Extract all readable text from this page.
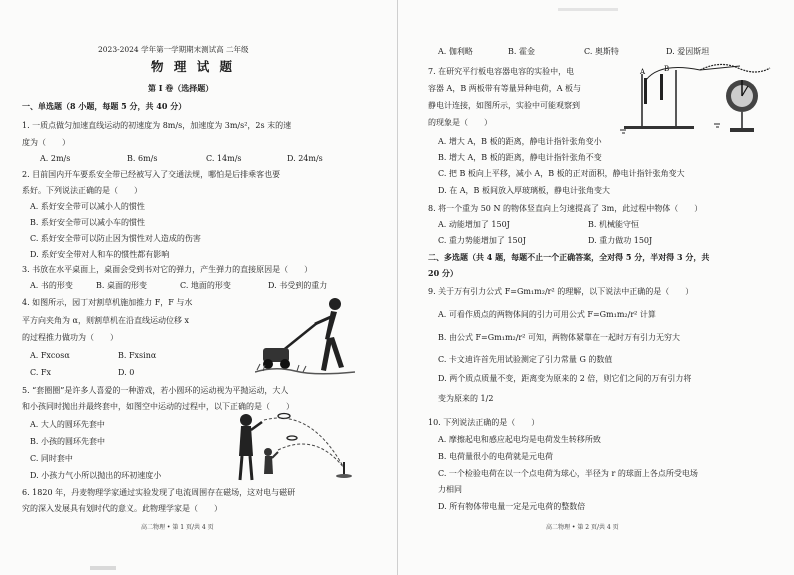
2023-2024 学年第一学期期末测试高 二年级
物 理 试 题
第 I 卷（选择题）
一、单选题（8 小题，每题 5 分，共 40 分）
1. 一质点做匀加速直线运动的初速度为 8m/s，加速度为 3m/s²，2s 末的速
度为（　　）
A. 2m/s	B. 6m/s	C. 14m/s	D. 24m/s
2. 目前国内开车要系安全带已经被写入了交通法规，哪怕是后排乘客也要
系好。下列说法正确的是（　　）
A. 系好安全带可以减小人的惯性
B. 系好安全带可以减小车的惯性
C. 系好安全带可以防止因为惯性对人造成的伤害
D. 系好安全带对人和车的惯性都有影响
3. 书放在水平桌面上，桌面会受到书对它的弹力，产生弹力的直接原因是（　　）
A. 书的形变	B. 桌面的形变	C. 地面的形变	D. 书受到的重力
4. 如图所示，园丁对割草机施加推力 F，F 与水
平方向夹角为 α，则割草机在沿直线运动位移 x
的过程推力做功为（　　）
A. Fxcosα	B. Fxsinα
C. Fx	D. 0
5. “套圈圈”是许多人喜爱的一种游戏，若小圆环的运动视为平抛运动，大人
和小孩同时抛出并最终套中，如图空中运动的过程中，以下正确的是（　　）
A. 大人的圆环先套中
B. 小孩的圆环先套中
C. 同时套中
D. 小孩力气小所以抛出的环初速度小
6. 1820 年，丹麦物理学家通过实验发现了电流周围存在磁场，这对电与磁研
究的深入发展具有划时代的意义。此物理学家是（　　）
高二物理 • 第 1 页/共 4 页
A. 伽利略	B. 霍金	C. 奥斯特	D. 爱因斯坦
7. 在研究平行板电容器电容的实验中，电
容器 A，B 两板带有等量异种电荷，A 板与
静电计连接，如图所示，实验中可能观察到
的现象是（　　）
A	B
A. 增大 A，B 板的距离，静电计指针张角变小
B. 增大 A，B 板的距离，静电计指针张角不变
C. 把 B 板向上平移，减小 A，B 板的正对面积，静电计指针张角变大
D. 在 A，B 板间放入厚玻璃板，静电计张角变大
8. 将一个重为 50 N 的物体竖直向上匀速提高了 3m，此过程中物体（　　）
A. 动能增加了 150J	B. 机械能守恒
C. 重力势能增加了 150J	D. 重力做功 150J
二、多选题（共 4 题，每题不止一个正确答案，全对得 5 分，半对得 3 分，共
20 分）
9. 关于万有引力公式 F=Gm₁m₂/r² 的理解，以下说法中正确的是（　　）
A. 可看作质点的两物体间的引力可用公式 F=Gm₁m₂/r² 计算
B. 由公式 F=Gm₁m₂/r² 可知，两物体紧靠在一起时万有引力无穷大
C. 卡文迪许首先用试验测定了引力常量 G 的数值
D. 两个质点质量不变，距离变为原来的 2 倍，则它们之间的万有引力将
变为原来的 1/2
10. 下列说法正确的是（　　）
A. 摩擦起电和感应起电均是电荷发生转移所致
B. 电荷量很小的电荷就是元电荷
C. 一个检验电荷在以一个点电荷为球心，半径为 r 的球面上各点所受电场
力相同
D. 所有物体带电量一定是元电荷的整数倍
高二物理 • 第 2 页/共 4 页
